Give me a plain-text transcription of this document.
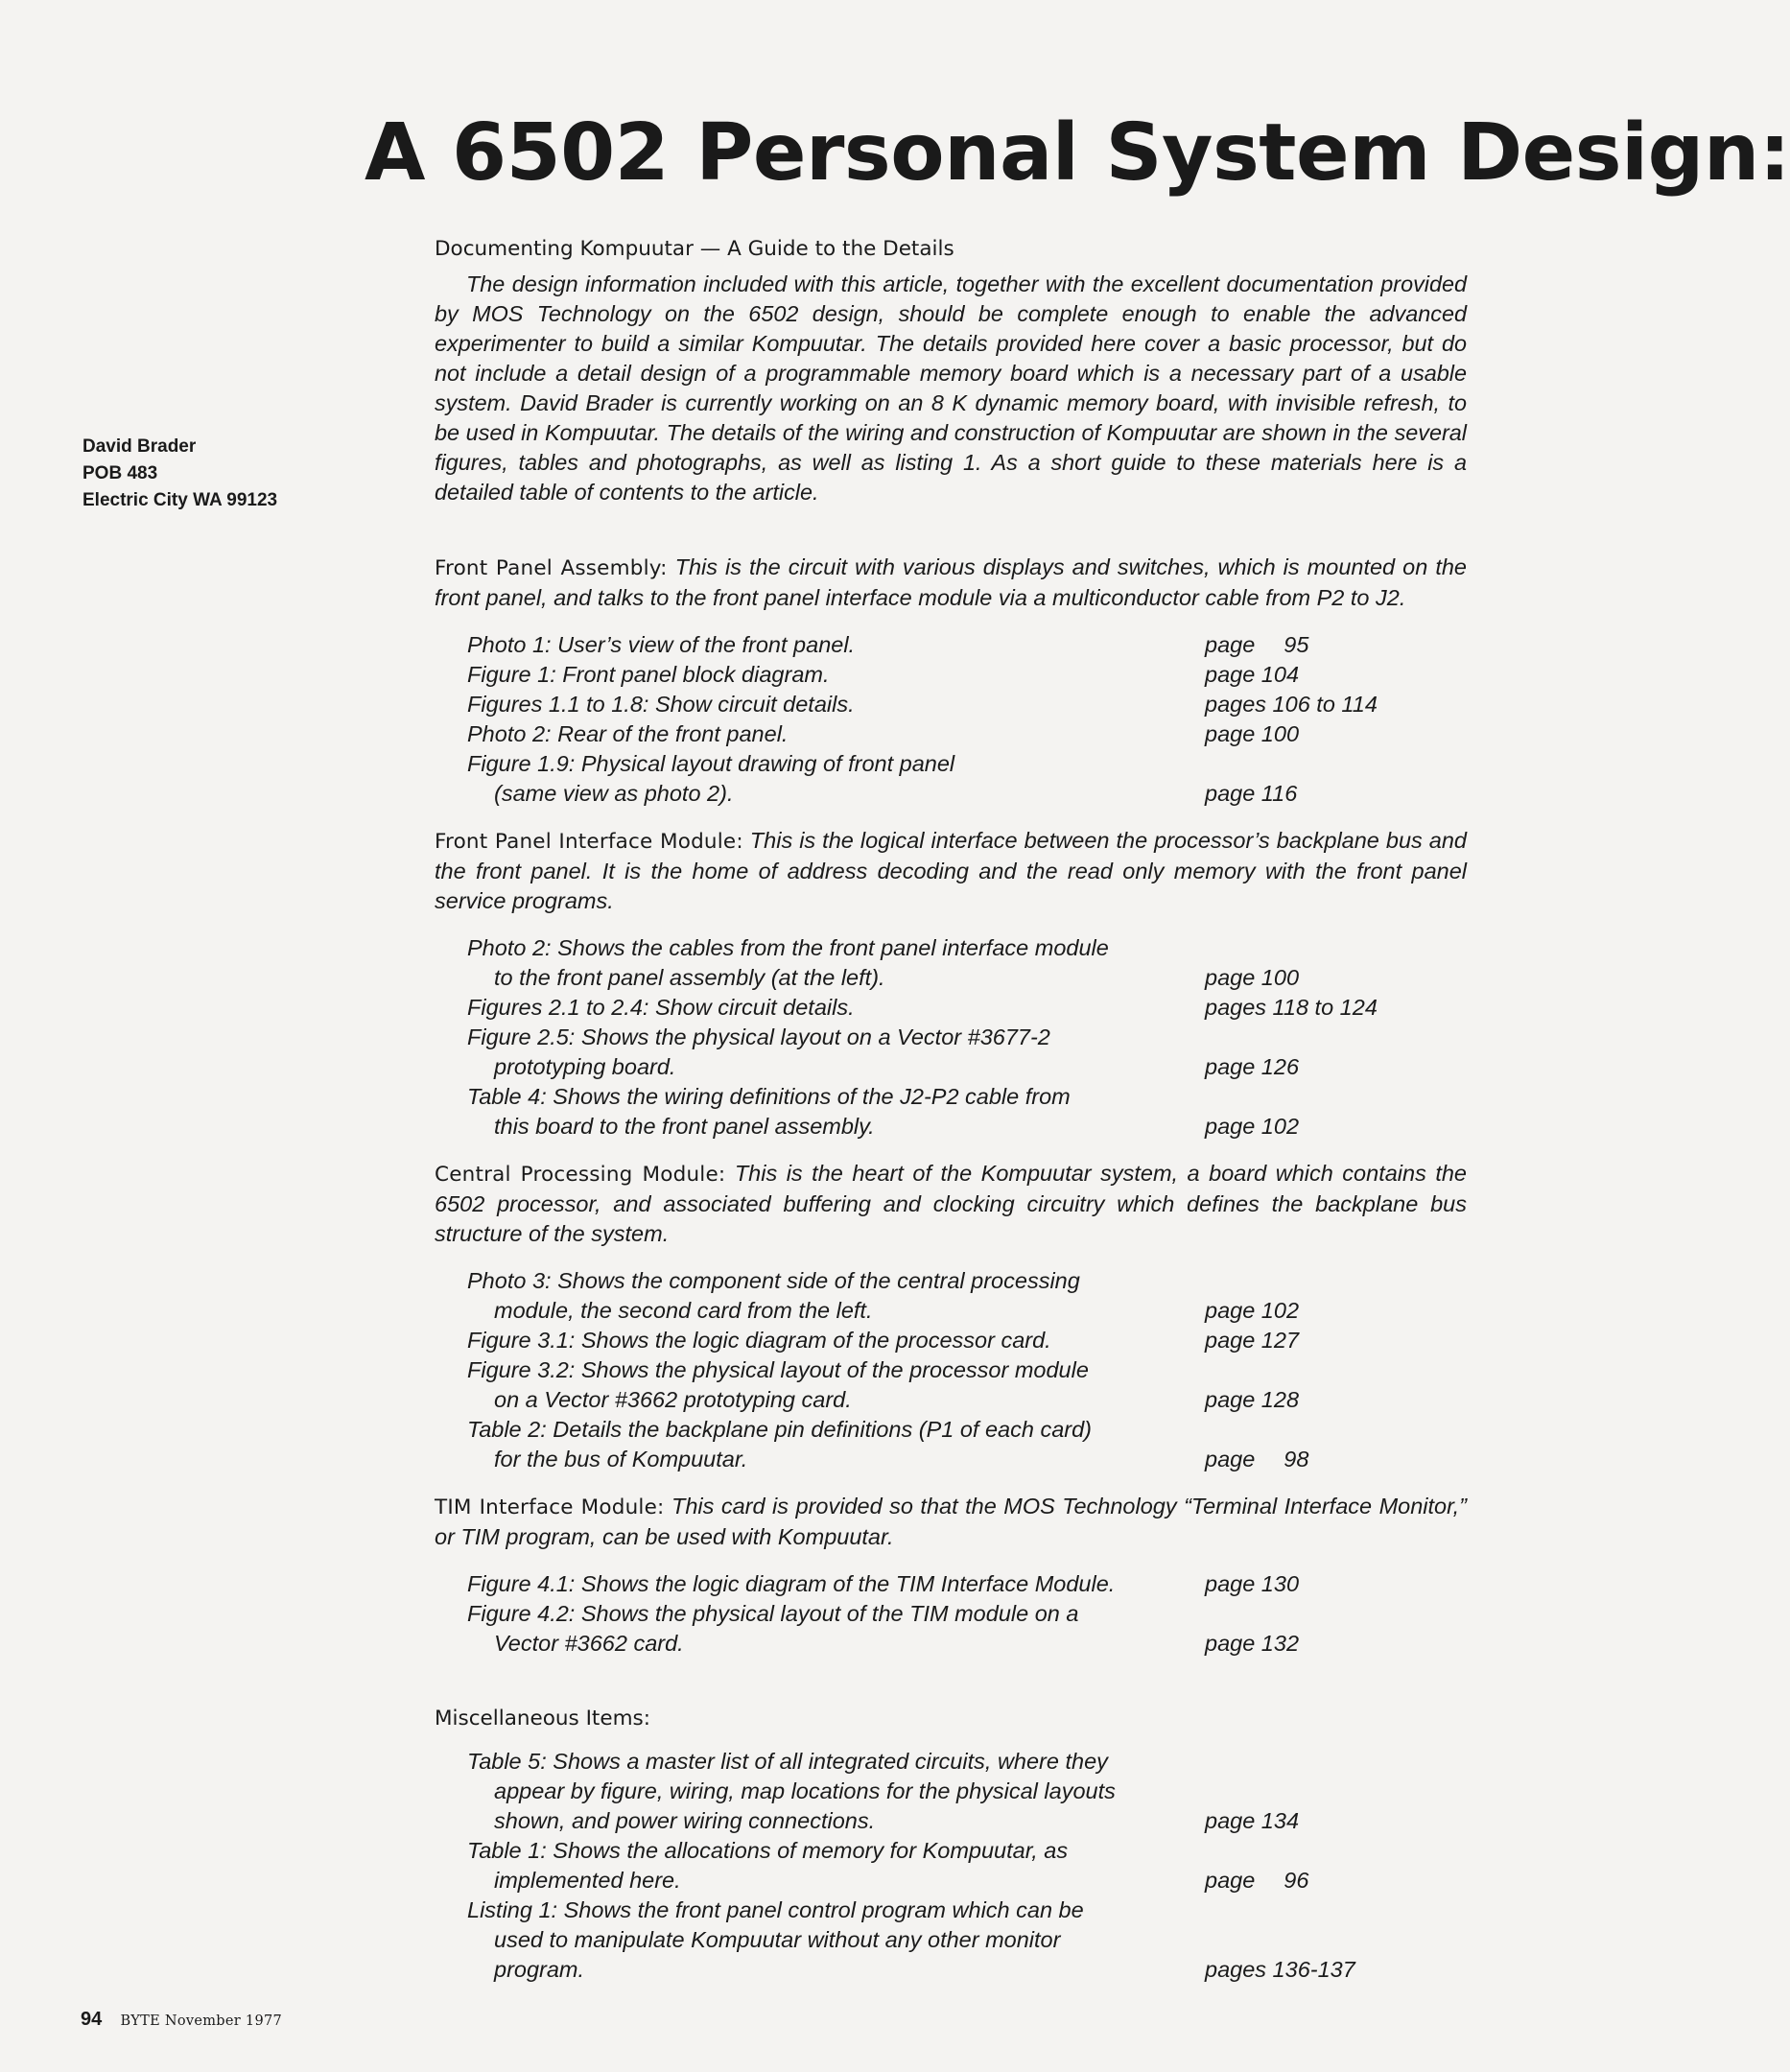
A 6502 Personal System Design:
David Brader
POB 483
Electric City WA 99123

Documenting Kompuutar — A Guide to the Details

The design information included with this article, together with the excellent documentation provided by MOS Technology on the 6502 design, should be complete enough to enable the advanced experimenter to build a similar Kompuutar. The details provided here cover a basic processor, but do not include a detail design of a programmable memory board which is a necessary part of a usable system. David Brader is currently working on an 8 K dynamic memory board, with invisible refresh, to be used in Kompuutar. The details of the wiring and construction of Kompuutar are shown in the several figures, tables and photographs, as well as listing 1. As a short guide to these materials here is a detailed table of contents to the article.

Front Panel Assembly: This is the circuit with various displays and switches, which is mounted on the front panel, and talks to the front panel interface module via a multiconductor cable from P2 to J2.

Photo 1: User’s view of the front panel.	page  95
Figure 1: Front panel block diagram.	page 104
Figures 1.1 to 1.8: Show circuit details.	pages 106 to 114
Photo 2: Rear of the front panel.	page 100
Figure 1.9: Physical layout drawing of front panel
(same view as photo 2).	page 116

Front Panel Interface Module: This is the logical interface between the processor’s backplane bus and the front panel. It is the home of address decoding and the read only memory with the front panel service programs.

Photo 2: Shows the cables from the front panel interface module
to the front panel assembly (at the left).	page 100
Figures 2.1 to 2.4: Show circuit details.	pages 118 to 124
Figure 2.5: Shows the physical layout on a Vector #3677-2
prototyping board.	page 126
Table 4: Shows the wiring definitions of the J2-P2 cable from
this board to the front panel assembly.	page 102

Central Processing Module: This is the heart of the Kompuutar system, a board which contains the 6502 processor, and associated buffering and clocking circuitry which defines the backplane bus structure of the system.

Photo 3: Shows the component side of the central processing
module, the second card from the left.	page 102
Figure 3.1: Shows the logic diagram of the processor card.	page 127
Figure 3.2: Shows the physical layout of the processor module
on a Vector #3662 prototyping card.	page 128
Table 2: Details the backplane pin definitions (P1 of each card)
for the bus of Kompuutar.	page  98

TIM Interface Module: This card is provided so that the MOS Technology “Terminal Interface Monitor,” or TIM program, can be used with Kompuutar.

Figure 4.1: Shows the logic diagram of the TIM Interface Module.	page 130
Figure 4.2: Shows the physical layout of the TIM module on a
Vector #3662 card.	page 132

Miscellaneous Items:

Table 5: Shows a master list of all integrated circuits, where they
appear by figure, wiring, map locations for the physical layouts
shown, and power wiring connections.	page 134
Table 1: Shows the allocations of memory for Kompuutar, as
implemented here.	page  96
Listing 1: Shows the front panel control program which can be
used to manipulate Kompuutar without any other monitor
program.	pages 136-137
94 BYTE November 1977
